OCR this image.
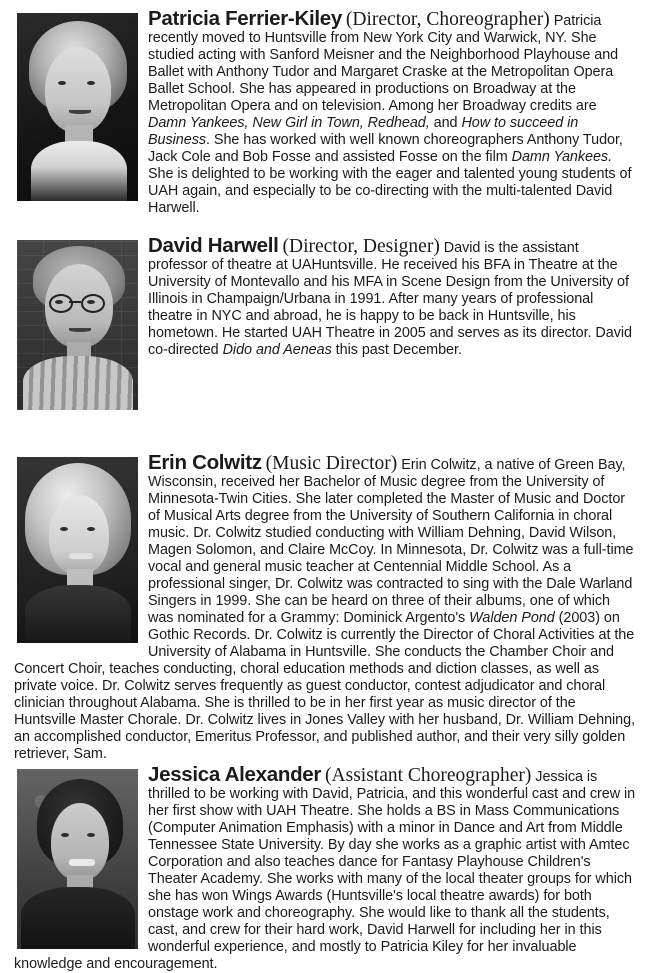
Patricia Ferrier-Kiley (Director, Choreographer) Patricia recently moved to Huntsville from New York City and Warwick, NY. She studied acting with Sanford Meisner and the Neighborhood Playhouse and Ballet with Anthony Tudor and Margaret Craske at the Metropolitan Opera Ballet School. She has appeared in productions on Broadway at the Metropolitan Opera and on television. Among her Broadway credits are Damn Yankees, New Girl in Town, Redhead, and How to succeed in Business. She has worked with well known choreographers Anthony Tudor, Jack Cole and Bob Fosse and assisted Fosse on the film Damn Yankees. She is delighted to be working with the eager and talented young students of UAH again, and especially to be co-directing with the multi-talented David Harwell.
David Harwell (Director, Designer) David is the assistant professor of theatre at UAHuntsville. He received his BFA in Theatre at the University of Montevallo and his MFA in Scene Design from the University of Illinois in Champaign/Urbana in 1991. After many years of professional theatre in NYC and abroad, he is happy to be back in Huntsville, his hometown. He started UAH Theatre in 2005 and serves as its director. David co-directed Dido and Aeneas this past December.
Erin Colwitz (Music Director) Erin Colwitz, a native of Green Bay, Wisconsin, received her Bachelor of Music degree from the University of Minnesota-Twin Cities. She later completed the Master of Music and Doctor of Musical Arts degree from the University of Southern California in choral music. Dr. Colwitz studied conducting with William Dehning, David Wilson, Magen Solomon, and Claire McCoy. In Minnesota, Dr. Colwitz was a full-time vocal and general music teacher at Centennial Middle School. As a professional singer, Dr. Colwitz was contracted to sing with the Dale Warland Singers in 1999. She can be heard on three of their albums, one of which was nominated for a Grammy: Dominick Argento's Walden Pond (2003) on Gothic Records. Dr. Colwitz is currently the Director of Choral Activities at the University of Alabama in Huntsville. She conducts the Chamber Choir and Concert Choir, teaches conducting, choral education methods and diction classes, as well as private voice. Dr. Colwitz serves frequently as guest conductor, contest adjudicator and choral clinician throughout Alabama. She is thrilled to be in her first year as music director of the Huntsville Master Chorale. Dr. Colwitz lives in Jones Valley with her husband, Dr. William Dehning, an accomplished conductor, Emeritus Professor, and published author, and their very silly golden retriever, Sam.
Jessica Alexander (Assistant Choreographer) Jessica is thrilled to be working with David, Patricia, and this wonderful cast and crew in her first show with UAH Theatre. She holds a BS in Mass Communications (Computer Animation Emphasis) with a minor in Dance and Art from Middle Tennessee State University. By day she works as a graphic artist with Amtec Corporation and also teaches dance for Fantasy Playhouse Children's Theater Academy. She works with many of the local theater groups for which she has won Wings Awards (Huntsville's local theatre awards) for both onstage work and choreography. She would like to thank all the students, cast, and crew for their hard work, David Harwell for including her in this wonderful experience, and mostly to Patricia Kiley for her invaluable knowledge and encouragement.
